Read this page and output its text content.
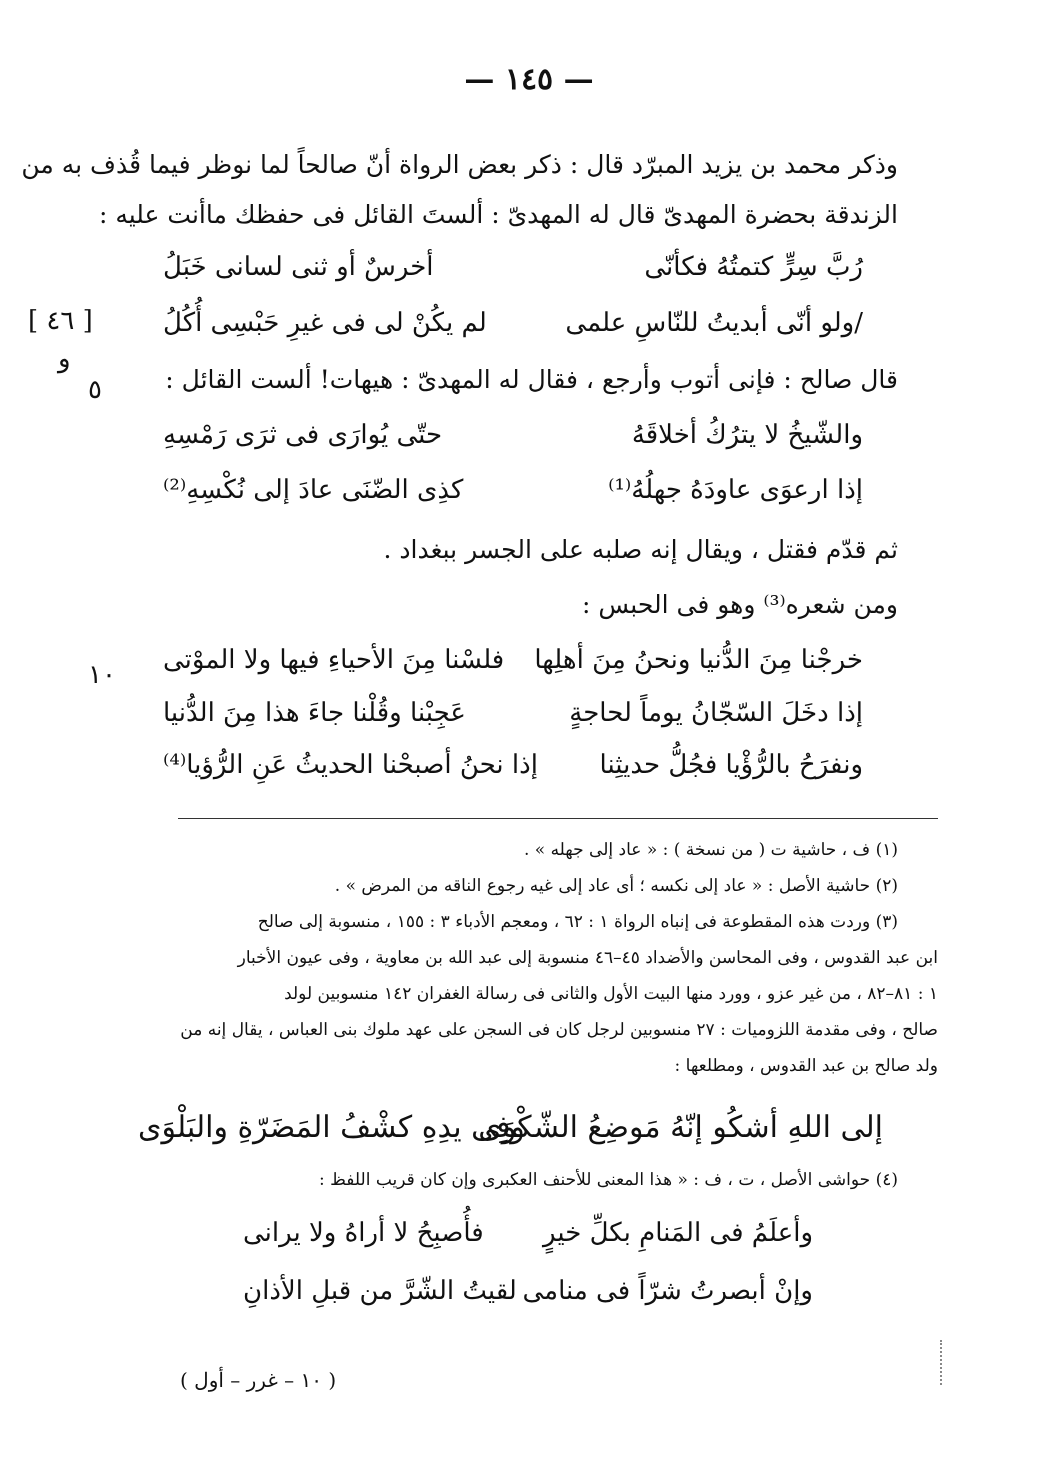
— ١٤٥ —
وذكر محمد بن يزيد المبرّد قال : ذكر بعض الرواة أنّ صالحاً لما نوظر فيما قُذف به من
الزندقة بحضرة المهدىّ قال له المهدىّ : ألستَ القائل فى حفظك ماأنت عليه :
رُبَّ سِرٍّ كتمتُهُ فكأنّى
أخرسٌ أو ثنى لسانى خَبَلُ
/ولو أنّى أبديتُ للنّاسِ علمى
لم يكُنْ لى فى غيرِ حَبْسِى أُكُلُ
[ ٤٦ ]
و
٥	قال صالح : فإنى أتوب وأرجع ، فقال له المهدىّ : هيهات! ألست القائل :
والشّيخُ لا يترُكُ أخلاقَهُ
حتّى يُوارَى فى ثرَى رَمْسِهِ
إذا ارعوَى عاودَهُ جهلُهُ⁽¹⁾
كذِى الضّنَى عادَ إلى نُكْسِهِ⁽²⁾
ثم قدّم فقتل ، ويقال إنه صلبه على الجسر ببغداد .
ومن شعره⁽³⁾ وهو فى الحبس :
١٠	خرجْنا مِنَ الدُّنيا ونحنُ مِنَ أهلِها
فلسْنا مِنَ الأحياءِ فيها ولا الموْتى
إذا دخَلَ السّجّانُ يوماً لحاجةٍ
عَجِبْنا وقُلْنا جاءَ هذا مِنَ الدُّنيا
ونفرَحُ بالرُّؤْيا فجُلُّ حديثِنا
إذا نحنُ أصبحْنا الحديثُ عَنِ الرُّؤيا⁽⁴⁾
(١) ف ، حاشية ت ( من نسخة ) : « عاد إلى جهله » .
(٢) حاشية الأصل : « عاد إلى نكسه ؛ أى عاد إلى غيه رجوع الناقه من المرض » .
(٣) وردت هذه المقطوعة فى إنباه الرواة ١ : ٦٢ ، ومعجم الأدباء ٣ : ١٥٥ ، منسوبة إلى صالح
ابن عبد القدوس ، وفى المحاسن والأضداد ٤٥–٤٦ منسوبة إلى عبد الله بن معاوية ، وفى عيون الأخبار
١ : ٨١–٨٢ ، من غير عزو ، وورد منها البيت الأول والثانى فى رسالة الغفران ١٤٢ منسوبين لولد
صالح ، وفى مقدمة اللزوميات : ٢٧ منسوبين لرجل كان فى السجن على عهد ملوك بنى العباس ، يقال إنه من
ولد صالح بن عبد القدوس ، ومطلعها :
إلى اللهِ أشكُو إنّهُ مَوضِعُ الشّكْوَى
وفِى يدِهِ كشْفُ المَضَرّةِ والبَلْوَى
(٤) حواشى الأصل ، ت ، ف : « هذا المعنى للأحنف العكبرى وإن كان قريب اللفظ :
وأعلَمُ فى المَنامِ بكلِّ خيرٍ
فأُصبِحُ لا أراهُ ولا يرانى
وإنْ أبصرتُ شرّاً فى منامى
لقيتُ الشّرَّ من قبلِ الأذانِ
( ١٠ – غرر – أول )
